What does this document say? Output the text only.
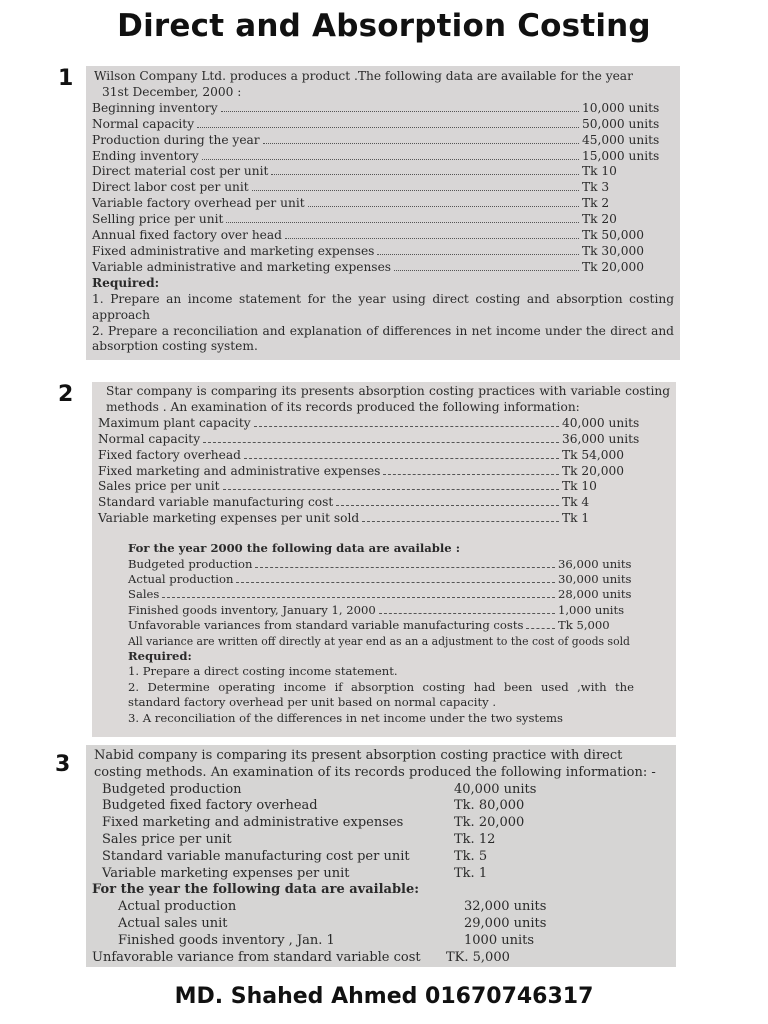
Direct and Absorption Costing
1 Wilson Company Ltd. produces a product .The following data are available for the year
31st December, 2000 :
Beginning inventory	10,000 units
Normal capacity	50,000 units
Production during the year	45,000 units
Ending inventory	15,000 units
Direct material cost per unit	Tk 10
Direct labor cost per unit	Tk 3
Variable factory overhead per unit	Tk 2
Selling price per unit	Tk 20
Annual fixed factory over head	Tk 50,000
Fixed administrative and marketing expenses	Tk 30,000
Variable administrative and marketing expenses	Tk 20,000
Required:
1. Prepare an income statement for the year using direct costing and absorption costing approach
2. Prepare a reconciliation and explanation of differences in net income under the direct and absorption costing system.
2	Star company is comparing its presents absorption costing practices with variable costing methods . An examination of its records produced the following information:
Maximum plant capacity	40,000 units
Normal capacity	36,000 units
Fixed factory overhead	Tk 54,000
Fixed marketing and administrative expenses	Tk 20,000
Sales price per unit	Tk 10
Standard variable manufacturing cost	Tk 4
Variable marketing expenses per unit sold	Tk 1
For the year 2000 the following data are available :
Budgeted production	36,000 units
Actual production	30,000 units
Sales	28,000 units
Finished goods inventory, January 1, 2000	1,000 units
Unfavorable variances from standard variable manufacturing costs	Tk 5,000
All variance are written off directly at year end as an a adjustment to the cost of goods sold
Required:
1. Prepare a direct costing income statement.
2. Determine operating income if absorption costing had been used ,with the standard factory overhead per unit based on normal capacity .
3. A reconciliation of the differences in net income under the two systems
3 Nabid company is comparing its present absorption costing practice with direct costing methods. An examination of its records produced the following information: -
Budgeted production	40,000 units
Budgeted fixed factory overhead	Tk. 80,000
Fixed marketing and administrative expenses	Tk. 20,000
Sales price per unit	Tk. 12
Standard variable manufacturing cost per unit	Tk. 5
Variable marketing expenses per unit	Tk. 1
For the year the following data are available:
Actual production	32,000 units
Actual sales unit	29,000 units
Finished goods inventory , Jan. 1	1000 units
Unfavorable variance from standard variable cost	TK. 5,000
MD. Shahed Ahmed 01670746317
